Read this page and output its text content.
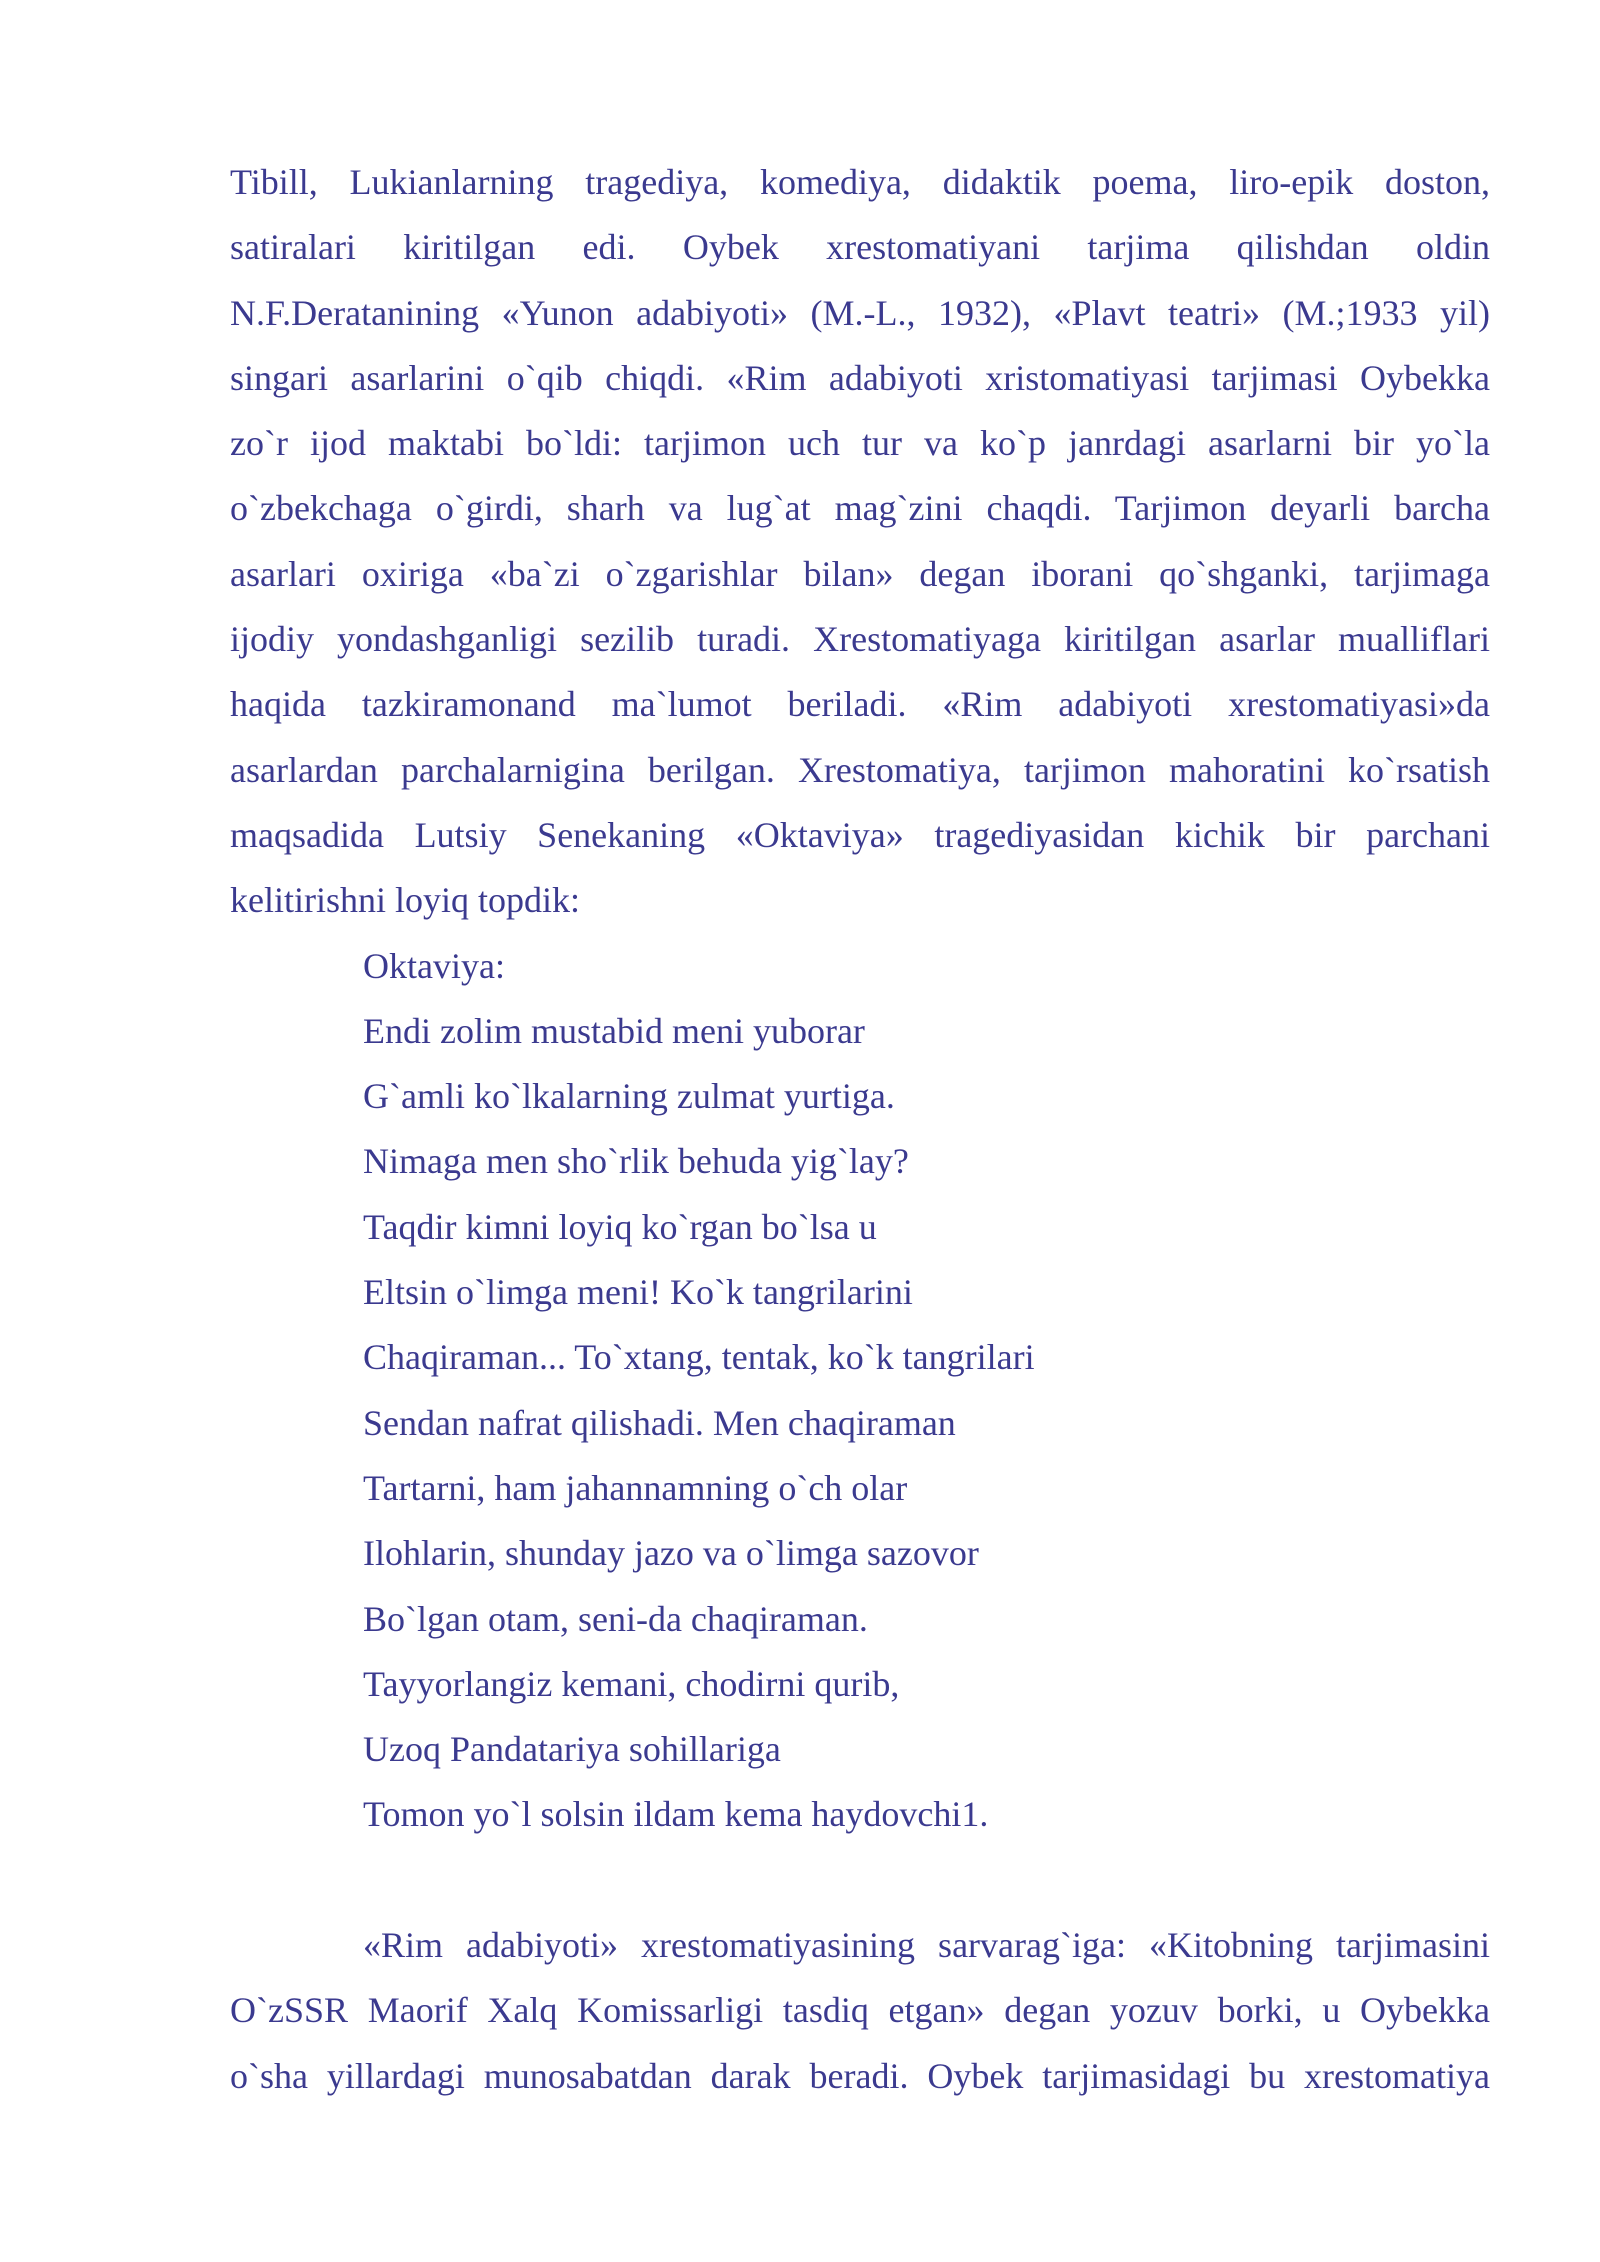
Tibill, Lukianlarning tragediya, komediya, didaktik poema, liro-epik doston,
satiralari kiritilgan edi. Oybek xrestomatiyani tarjima qilishdan oldin
N.F.Deratanining «Yunon adabiyoti» (M.-L., 1932), «Plavt teatri» (M.;1933 yil)
singari asarlarini o`qib chiqdi. «Rim adabiyoti xristomatiyasi tarjimasi Oybekka
zo`r ijod maktabi bo`ldi: tarjimon uch tur va ko`p janrdagi asarlarni bir yo`la
o`zbekchaga o`girdi, sharh va lug`at mag`zini chaqdi. Tarjimon deyarli barcha
asarlari oxiriga «ba`zi o`zgarishlar bilan» degan iborani qo`shganki, tarjimaga
ijodiy yondashganligi sezilib turadi. Xrestomatiyaga kiritilgan asarlar mualliflari
haqida tazkiramonand ma`lumot beriladi. «Rim adabiyoti xrestomatiyasi»da
asarlardan parchalarnigina berilgan. Xrestomatiya, tarjimon mahoratini ko`rsatish
maqsadida Lutsiy Senekaning «Oktaviya» tragediyasidan kichik bir parchani
kelitirishni loyiq topdik:
Oktaviya:
Endi zolim mustabid meni yuborar
G`amli ko`lkalarning zulmat yurtiga.
Nimaga men sho`rlik behuda yig`lay?
Taqdir kimni loyiq ko`rgan bo`lsa u
Eltsin o`limga meni! Ko`k tangrilarini
Chaqiraman... To`xtang, tentak, ko`k tangrilari
Sendan nafrat qilishadi. Men chaqiraman
Tartarni, ham jahannamning o`ch olar
Ilohlarin, shunday jazo va o`limga sazovor
Bo`lgan otam, seni-da chaqiraman.
Tayyorlangiz kemani, chodirni qurib,
Uzoq Pandatariya sohillariga
Tomon yo`l solsin ildam kema haydovchi1.
«Rim adabiyoti» xrestomatiyasining sarvarag`iga: «Kitobning tarjimasini
O`zSSR Maorif Xalq Komissarligi tasdiq etgan» degan yozuv borki, u Oybekka
o`sha yillardagi munosabatdan darak beradi. Oybek tarjimasidagi bu xrestomatiya
